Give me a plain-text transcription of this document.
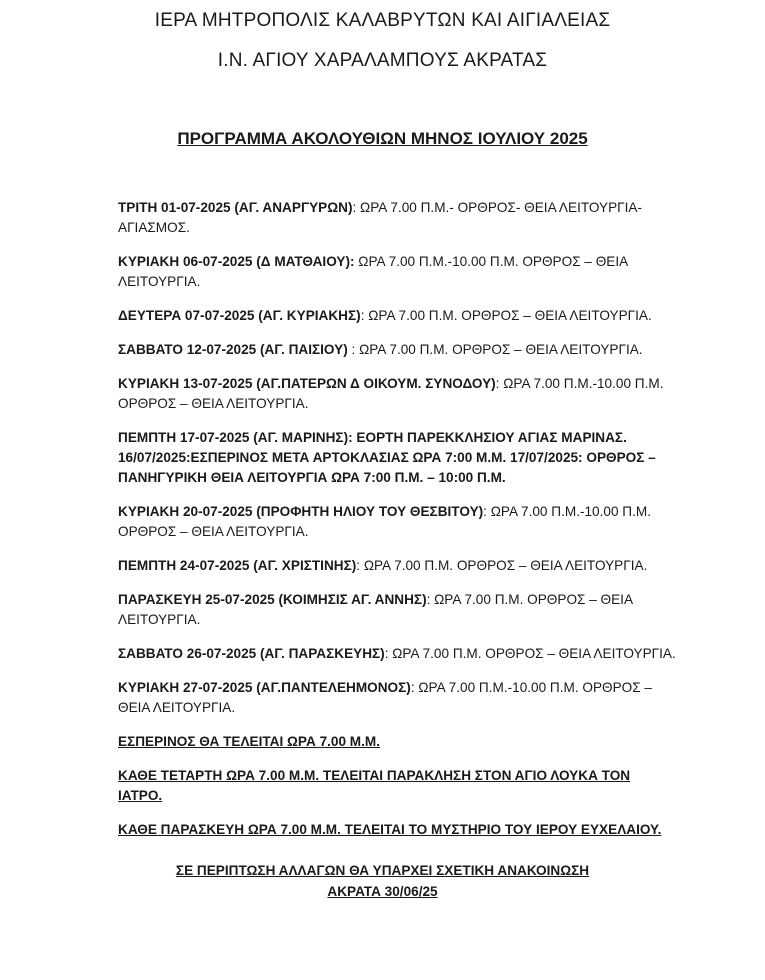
ΙΕΡΑ ΜΗΤΡΟΠΟΛΙΣ ΚΑΛΑΒΡΥΤΩΝ ΚΑΙ ΑΙΓΙΑΛΕΙΑΣ
Ι.Ν. ΑΓΙΟΥ ΧΑΡΑΛΑΜΠΟΥΣ ΑΚΡΑΤΑΣ
ΠΡΟΓΡΑΜΜΑ ΑΚΟΛΟΥΘΙΩΝ ΜΗΝΟΣ ΙΟΥΛΙΟΥ 2025
ΤΡΙΤΗ 01-07-2025 (ΑΓ. ΑΝΑΡΓΥΡΩΝ): ΩΡΑ 7.00 Π.Μ.- ΟΡΘΡΟΣ- ΘΕΙΑ ΛΕΙΤΟΥΡΓΙΑ- ΑΓΙΑΣΜΟΣ.
ΚΥΡΙΑΚΗ 06-07-2025 (Δ ΜΑΤΘΑΙΟΥ): ΩΡΑ 7.00 Π.Μ.-10.00 Π.Μ. ΟΡΘΡΟΣ – ΘΕΙΑ ΛΕΙΤΟΥΡΓΙΑ.
ΔΕΥΤΕΡΑ 07-07-2025 (ΑΓ. ΚΥΡΙΑΚΗΣ): ΩΡΑ 7.00 Π.Μ. ΟΡΘΡΟΣ – ΘΕΙΑ ΛΕΙΤΟΥΡΓΙΑ.
ΣΑΒΒΑΤΟ 12-07-2025 (ΑΓ. ΠΑΙΣΙΟΥ) : ΩΡΑ 7.00 Π.Μ. ΟΡΘΡΟΣ – ΘΕΙΑ ΛΕΙΤΟΥΡΓΙΑ.
ΚΥΡΙΑΚΗ 13-07-2025 (ΑΓ.ΠΑΤΕΡΩΝ Δ ΟΙΚΟΥΜ. ΣΥΝΟΔΟΥ): ΩΡΑ 7.00 Π.Μ.-10.00 Π.Μ. ΟΡΘΡΟΣ – ΘΕΙΑ ΛΕΙΤΟΥΡΓΙΑ.
ΠΕΜΠΤΗ 17-07-2025 (ΑΓ. ΜΑΡΙΝΗΣ): ΕΟΡΤΗ ΠΑΡΕΚΚΛΗΣΙΟΥ ΑΓΙΑΣ ΜΑΡΙΝΑΣ. 16/07/2025:ΕΣΠΕΡΙΝΟΣ ΜΕΤΑ ΑΡΤΟΚΛΑΣΙΑΣ ΩΡΑ 7:00 Μ.Μ. 17/07/2025: ΟΡΘΡΟΣ – ΠΑΝΗΓΥΡΙΚΗ ΘΕΙΑ ΛΕΙΤΟΥΡΓΙΑ ΩΡΑ 7:00 Π.Μ. – 10:00 Π.Μ.
ΚΥΡΙΑΚΗ 20-07-2025 (ΠΡΟΦΗΤΗ ΗΛΙΟΥ ΤΟΥ ΘΕΣΒΙΤΟΥ): ΩΡΑ 7.00 Π.Μ.-10.00 Π.Μ. ΟΡΘΡΟΣ – ΘΕΙΑ ΛΕΙΤΟΥΡΓΙΑ.
ΠΕΜΠΤΗ 24-07-2025 (ΑΓ. ΧΡΙΣΤΙΝΗΣ): ΩΡΑ 7.00 Π.Μ. ΟΡΘΡΟΣ – ΘΕΙΑ ΛΕΙΤΟΥΡΓΙΑ.
ΠΑΡΑΣΚΕΥΗ 25-07-2025 (ΚΟΙΜΗΣΙΣ ΑΓ. ΑΝΝΗΣ): ΩΡΑ 7.00 Π.Μ. ΟΡΘΡΟΣ – ΘΕΙΑ ΛΕΙΤΟΥΡΓΙΑ.
ΣΑΒΒΑΤΟ 26-07-2025 (ΑΓ. ΠΑΡΑΣΚΕΥΗΣ): ΩΡΑ 7.00 Π.Μ. ΟΡΘΡΟΣ – ΘΕΙΑ ΛΕΙΤΟΥΡΓΙΑ.
ΚΥΡΙΑΚΗ 27-07-2025 (ΑΓ.ΠΑΝΤΕΛΕΗΜΟΝΟΣ): ΩΡΑ 7.00 Π.Μ.-10.00 Π.Μ. ΟΡΘΡΟΣ – ΘΕΙΑ ΛΕΙΤΟΥΡΓΙΑ.
ΕΣΠΕΡΙΝΟΣ ΘΑ ΤΕΛΕΙΤΑΙ ΩΡΑ 7.00 Μ.Μ.
ΚΑΘΕ ΤΕΤΑΡΤΗ ΩΡΑ 7.00 Μ.Μ. ΤΕΛΕΙΤΑΙ ΠΑΡΑΚΛΗΣΗ ΣΤΟΝ ΑΓΙΟ ΛΟΥΚΑ ΤΟΝ ΙΑΤΡΟ.
ΚΑΘΕ ΠΑΡΑΣΚΕΥΗ ΩΡΑ 7.00 Μ.Μ. ΤΕΛΕΙΤΑΙ ΤΟ ΜΥΣΤΗΡΙΟ ΤΟΥ ΙΕΡΟΥ ΕΥΧΕΛΑΙΟΥ.
ΣΕ ΠΕΡΙΠΤΩΣΗ ΑΛΛΑΓΩΝ ΘΑ ΥΠΑΡΧΕΙ ΣΧΕΤΙΚΗ ΑΝΑΚΟΙΝΩΣΗ
ΑΚΡΑΤΑ 30/06/25
